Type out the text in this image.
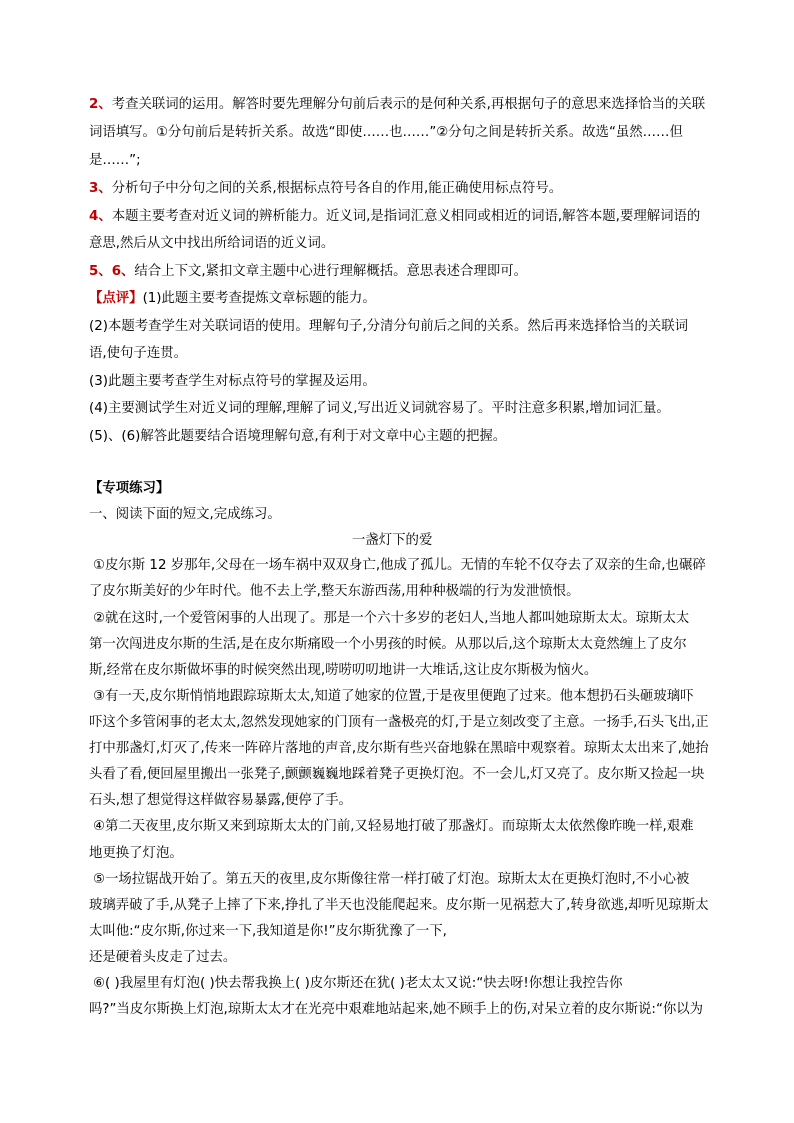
2、考查关联词的运用。解答时要先理解分句前后表示的是何种关系,再根据句子的意思来选择恰当的关联
词语填写。①分句前后是转折关系。故选“即使……也……”②分句之间是转折关系。故选“虽然……但
是……”;
3、分析句子中分句之间的关系,根据标点符号各自的作用,能正确使用标点符号。
4、本题主要考查对近义词的辨析能力。近义词,是指词汇意义相同或相近的词语,解答本题,要理解词语的
意思,然后从文中找出所给词语的近义词。
5、6、结合上下文,紧扣文章主题中心进行理解概括。意思表述合理即可。
【点评】(1)此题主要考查提炼文章标题的能力。
(2)本题考查学生对关联词语的使用。理解句子,分清分句前后之间的关系。然后再来选择恰当的关联词
语,使句子连贯。
(3)此题主要考查学生对标点符号的掌握及运用。
(4)主要测试学生对近义词的理解,理解了词义,写出近义词就容易了。平时注意多积累,增加词汇量。
(5)、(6)解答此题要结合语境理解句意,有利于对文章中心主题的把握。
【专项练习】
一、阅读下面的短文,完成练习。
一盏灯下的爱
①皮尔斯 12 岁那年,父母在一场车祸中双双身亡,他成了孤儿。无情的车轮不仅夺去了双亲的生命,也碾碎
了皮尔斯美好的少年时代。他不去上学,整天东游西荡,用种种极端的行为发泄愤恨。
②就在这时,一个爱管闲事的人出现了。那是一个六十多岁的老妇人,当地人都叫她琼斯太太。琼斯太太
第一次闯进皮尔斯的生活,是在皮尔斯痛殴一个小男孩的时候。从那以后,这个琼斯太太竟然缠上了皮尔
斯,经常在皮尔斯做坏事的时候突然出现,唠唠叨叨地讲一大堆话,这让皮尔斯极为恼火。
③有一天,皮尔斯悄悄地跟踪琼斯太太,知道了她家的位置,于是夜里便跑了过来。他本想扔石头砸玻璃吓
吓这个多管闲事的老太太,忽然发现她家的门顶有一盏极亮的灯,于是立刻改变了主意。一扬手,石头飞出,正
打中那盏灯,灯灭了,传来一阵碎片落地的声音,皮尔斯有些兴奋地躲在黑暗中观察着。琼斯太太出来了,她抬
头看了看,便回屋里搬出一张凳子,颤颤巍巍地踩着凳子更换灯泡。不一会儿,灯又亮了。皮尔斯又捡起一块
石头,想了想觉得这样做容易暴露,便停了手。
④第二天夜里,皮尔斯又来到琼斯太太的门前,又轻易地打破了那盏灯。而琼斯太太依然像昨晚一样,艰难
地更换了灯泡。
⑤一场拉锯战开始了。第五天的夜里,皮尔斯像往常一样打破了灯泡。琼斯太太在更换灯泡时,不小心被
玻璃弄破了手,从凳子上摔了下来,挣扎了半天也没能爬起来。皮尔斯一见祸惹大了,转身欲逃,却听见琼斯太
太叫他:“皮尔斯,你过来一下,我知道是你!”皮尔斯犹豫了一下,
还是硬着头皮走了过去。
⑥( )我屋里有灯泡( )快去帮我换上( )皮尔斯还在犹( )老太太又说:“快去呀!你想让我控告你
吗?”当皮尔斯换上灯泡,琼斯太太才在光亮中艰难地站起来,她不顾手上的伤,对呆立着的皮尔斯说:“你以为
